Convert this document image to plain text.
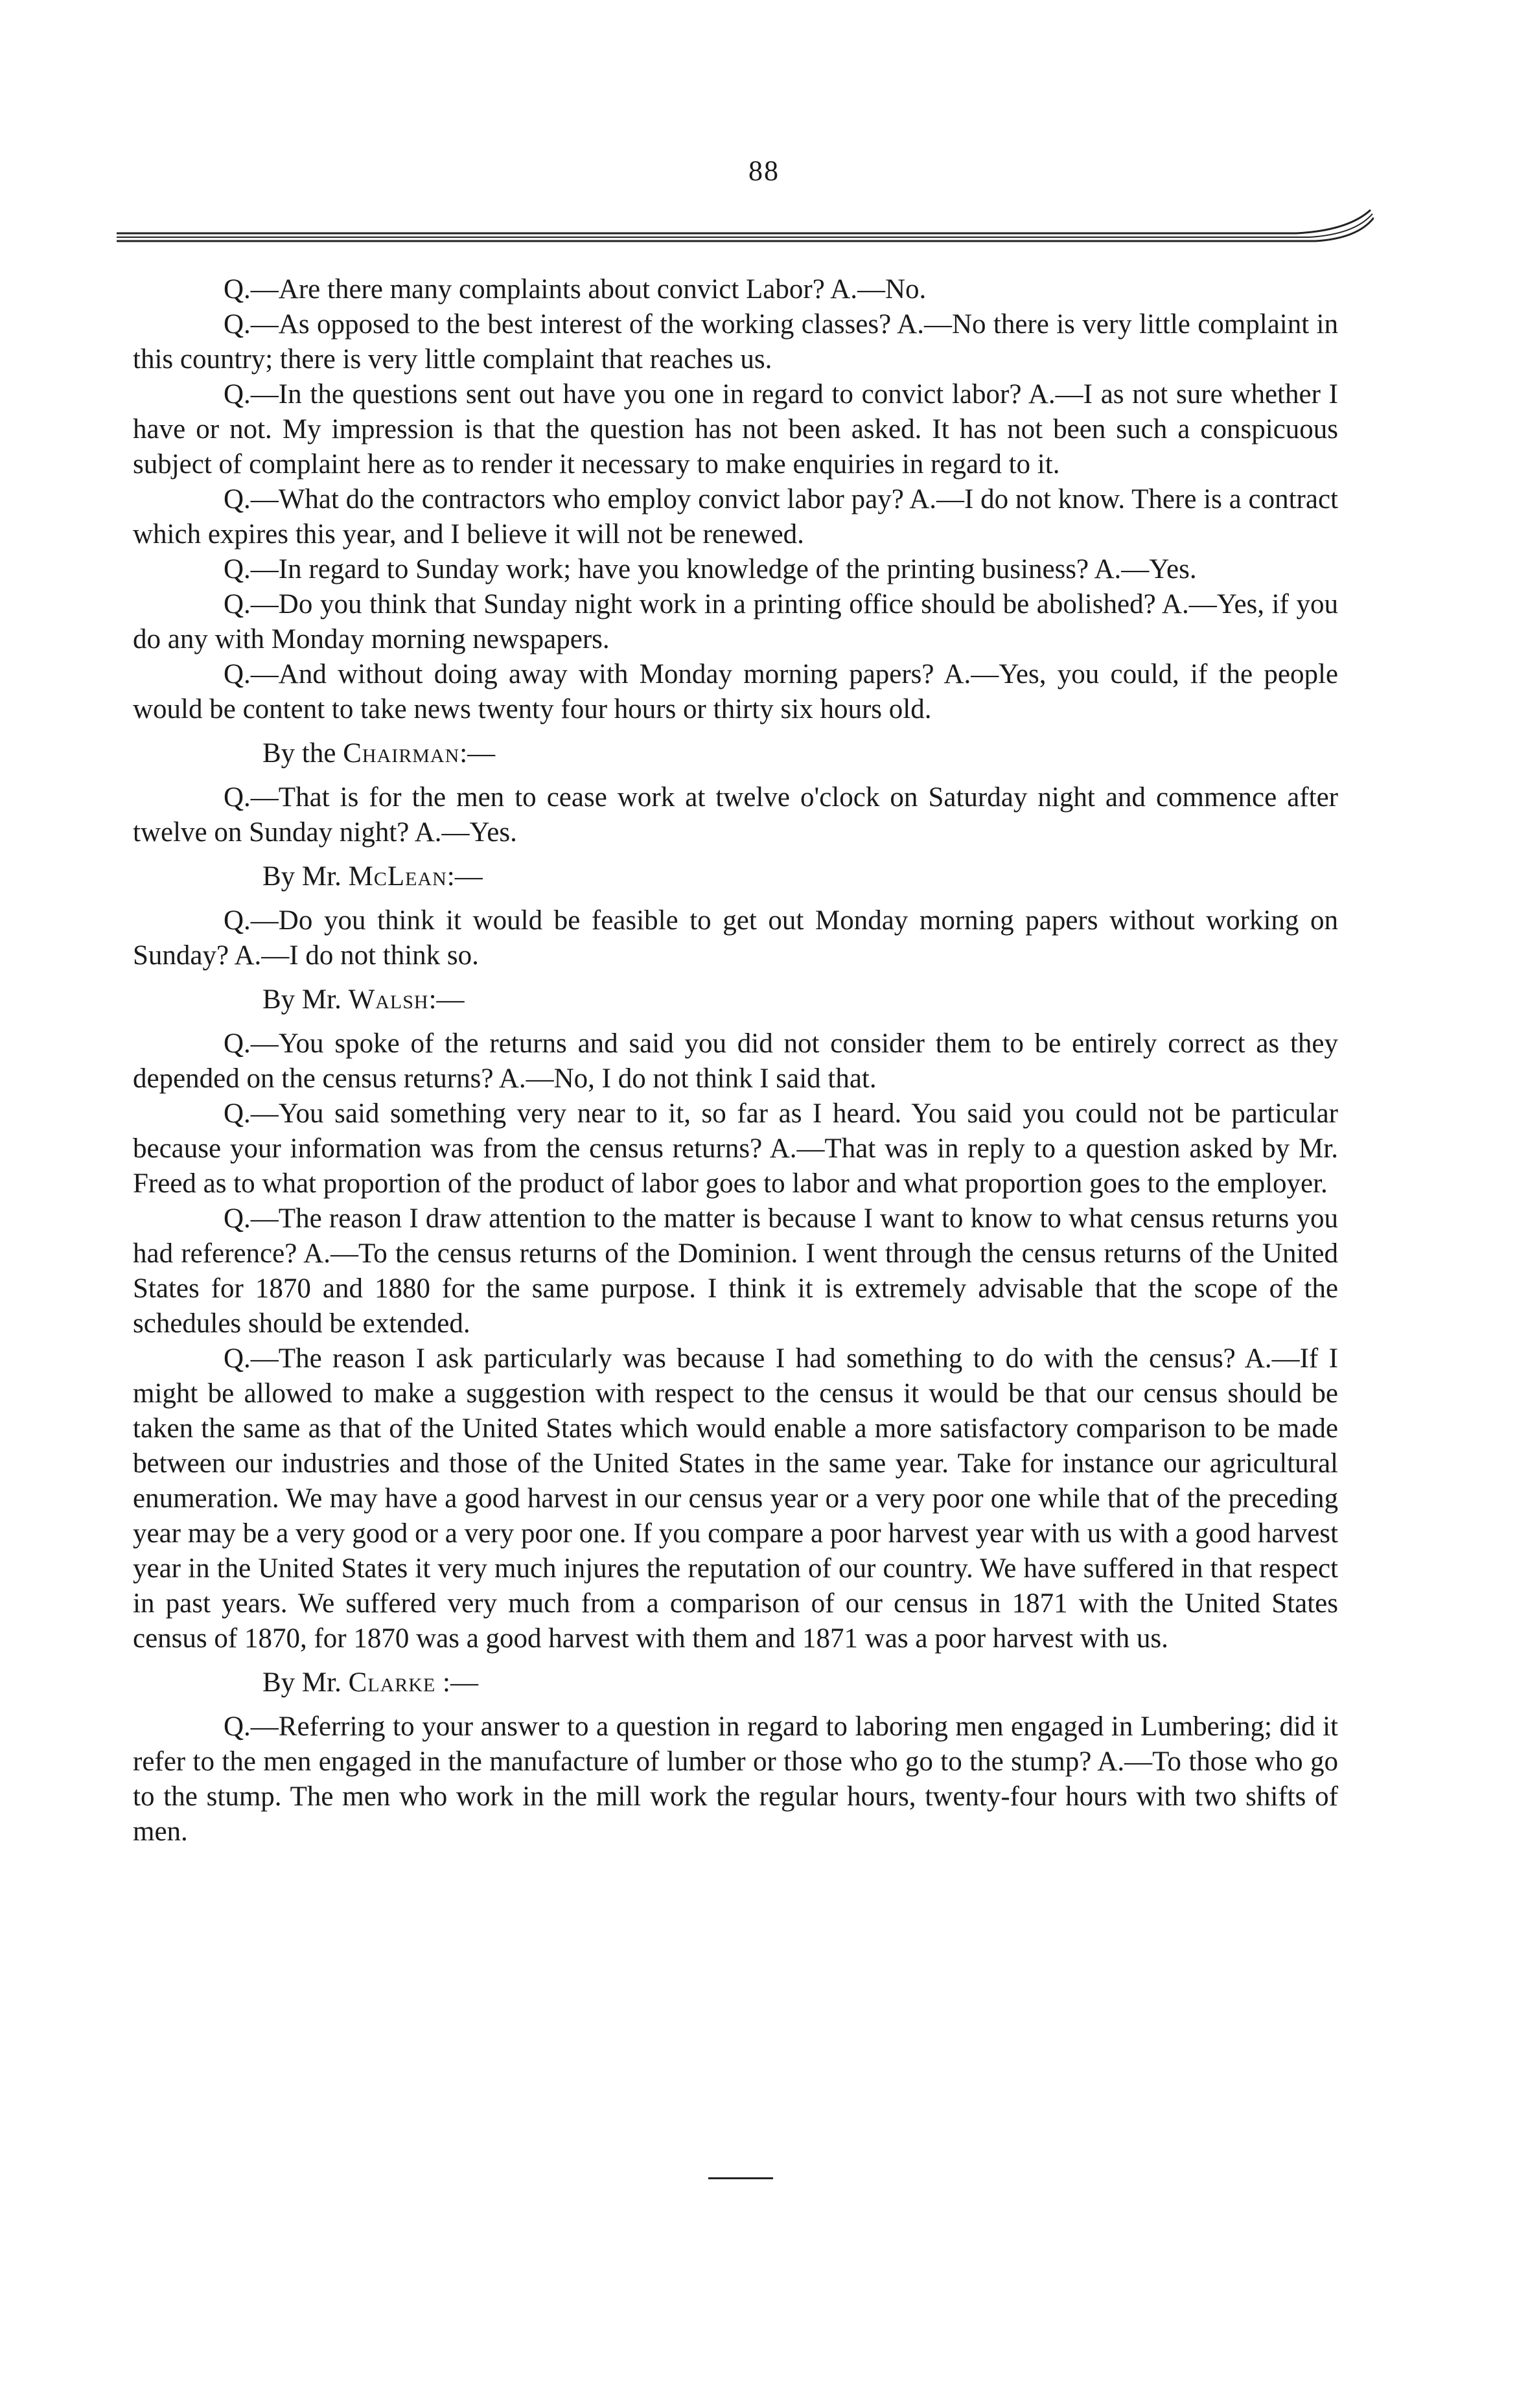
88

Q.—Are there many complaints about convict Labor? A.—No.

Q.—As opposed to the best interest of the working classes? A.—No there is very little complaint in this country; there is very little complaint that reaches us.

Q.—In the questions sent out have you one in regard to convict labor? A.—I as not sure whether I have or not. My impression is that the question has not been asked. It has not been such a conspicuous subject of complaint here as to render it necessary to make enquiries in regard to it.

Q.—What do the contractors who employ convict labor pay? A.—I do not know. There is a contract which expires this year, and I believe it will not be renewed.

Q.—In regard to Sunday work; have you knowledge of the printing business? A.—Yes.

Q.—Do you think that Sunday night work in a printing office should be abolished? A.—Yes, if you do any with Monday morning newspapers.

Q.—And without doing away with Monday morning papers? A.—Yes, you could, if the people would be content to take news twenty four hours or thirty six hours old.

By the Chairman:—

Q.—That is for the men to cease work at twelve o'clock on Saturday night and commence after twelve on Sunday night? A.—Yes.

By Mr. McLean:—

Q.—Do you think it would be feasible to get out Monday morning papers without working on Sunday? A.—I do not think so.

By Mr. Walsh:—

Q.—You spoke of the returns and said you did not consider them to be entirely correct as they depended on the census returns? A.—No, I do not think I said that.

Q.—You said something very near to it, so far as I heard. You said you could not be particular because your information was from the census returns? A.—That was in reply to a question asked by Mr. Freed as to what proportion of the product of labor goes to labor and what proportion goes to the employer.

Q.—The reason I draw attention to the matter is because I want to know to what census returns you had reference? A.—To the census returns of the Dominion. I went through the census returns of the United States for 1870 and 1880 for the same purpose. I think it is extremely advisable that the scope of the schedules should be extended.

Q.—The reason I ask particularly was because I had something to do with the census? A.—If I might be allowed to make a suggestion with respect to the census it would be that our census should be taken the same as that of the United States which would enable a more satisfactory comparison to be made between our industries and those of the United States in the same year. Take for instance our agricultural enumeration. We may have a good harvest in our census year or a very poor one while that of the preceding year may be a very good or a very poor one. If you compare a poor harvest year with us with a good harvest year in the United States it very much injures the reputation of our country. We have suffered in that respect in past years. We suffered very much from a comparison of our census in 1871 with the United States census of 1870, for 1870 was a good harvest with them and 1871 was a poor harvest with us.

By Mr. Clarke :—

Q.—Referring to your answer to a question in regard to laboring men engaged in Lumbering; did it refer to the men engaged in the manufacture of lumber or those who go to the stump? A.—To those who go to the stump. The men who work in the mill work the regular hours, twenty-four hours with two shifts of men.
